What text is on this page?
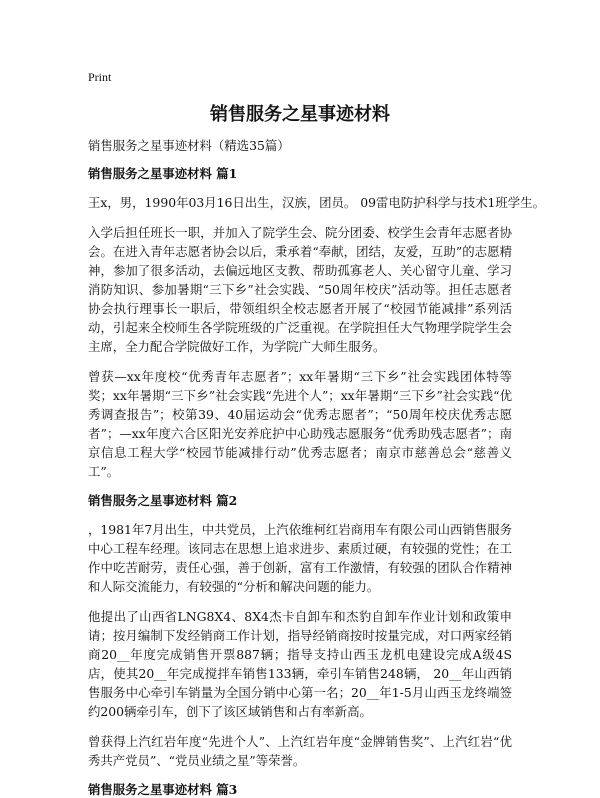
Print
销售服务之星事迹材料
销售服务之星事迹材料（精选35篇）
销售服务之星事迹材料 篇1

王x，男，1990年03月16日出生，汉族，团员。 09雷电防护科学与技术1班学生。

入学后担任班长一职，并加入了院学生会、院分团委、校学生会青年志愿者协会。在进入青年志愿者协会以后，秉承着“奉献，团结，友爱，互助”的志愿精神，参加了很多活动，去偏远地区支教、帮助孤寡老人、关心留守儿童、学习消防知识、参加暑期“三下乡”社会实践、“50周年校庆”活动等。担任志愿者协会执行理事长一职后，带领组织全校志愿者开展了“校园节能减排”系列活动，引起来全校师生各学院班级的广泛重视。在学院担任大气物理学院学生会主席，全力配合学院做好工作，为学院广大师生服务。

曾获—xx年度校“优秀青年志愿者”；xx年暑期“三下乡”社会实践团体特等奖；xx年暑期“三下乡”社会实践“先进个人”；xx年暑期“三下乡”社会实践“优秀调查报告”；校第39、40届运动会“优秀志愿者”；“50周年校庆优秀志愿者”；—xx年度六合区阳光安养庇护中心助残志愿服务“优秀助残志愿者”；南京信息工程大学“校园节能减排行动”优秀志愿者；南京市慈善总会“慈善义工”。

销售服务之星事迹材料 篇2

，1981年7月出生，中共党员，上汽依维柯红岩商用车有限公司山西销售服务中心工程车经理。该同志在思想上追求进步、素质过硬，有较强的党性；在工作中吃苦耐劳，责任心强，善于创新，富有工作激情，有较强的团队合作精神和人际交流能力，有较强的“分析和解决问题的能力。

他提出了山西省LNG8X4、8X4杰卡自卸车和杰豹自卸车作业计划和政策申请；按月编制下发经销商工作计划，指导经销商按时按量完成，对口两家经销商20__年度完成销售开票887辆；指导支持山西玉龙机电建设完成A级4S店，使其20__年完成搅拌车销售133辆，牵引车销售248辆， 20__年山西销售服务中心牵引车销量为全国分销中心第一名；20__年1-5月山西玉龙终端签约200辆牵引车，创下了该区域销售和占有率新高。

曾获得上汽红岩年度“先进个人”、上汽红岩年度“金牌销售奖”、上汽红岩“优秀共产党员”、“党员业绩之星”等荣誉。

销售服务之星事迹材料 篇3
